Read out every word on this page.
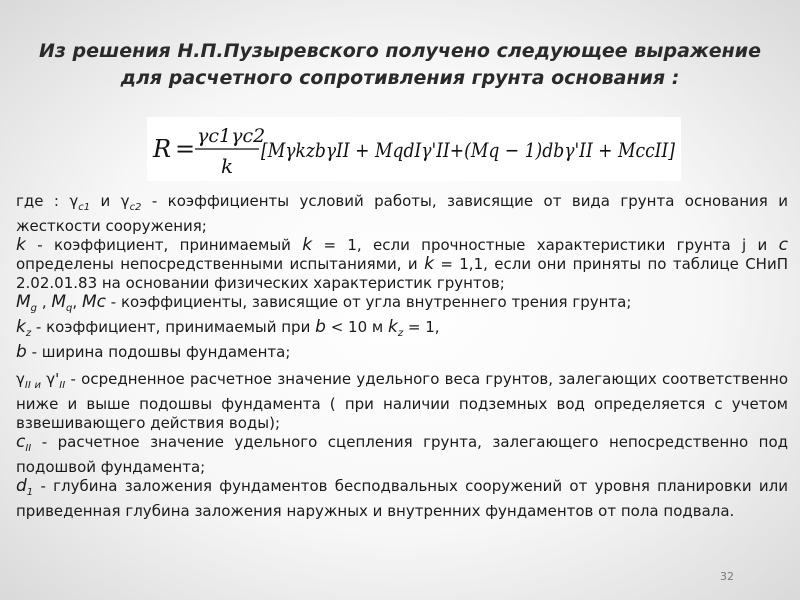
Из решения Н.П.Пузыревского получено следующее выражение
для расчетного сопротивления грунта основания :
R = γc1γc2
k
[MγkzbγII + MqdIγ'II+(Mq − 1)dbγ'II + McсII]

где : $\gamma_{c1}$ и $\gamma_{c2}$ - коэффициенты условий работы, зависящие от вида грунта основания и жесткости сооружения;

k - коэффициент, принимаемый k = 1, если прочностные характеристики грунта j и с определены непосредственными испытаниями, и k = 1,1, если они приняты по таблице СНиП 2.02.01.83 на основании физических характеристик грунтов;

$M_g$ , $M_q$, Мс - коэффициенты, зависящие от угла внутреннего трения грунта;

$k_z$ - коэффициент, принимаемый при b < 10 м $k_z = 1$,

b - ширина подошвы фундамента;

$\gamma_{II и}$ $\gamma'_{II}$ - осредненное расчетное значение удельного веса грунтов, залегающих соответственно ниже и выше подошвы фундамента ( при наличии подземных вод определяется с учетом взвешивающего действия воды);

$с_{II}$ - расчетное значение удельного сцепления грунта, залегающего непосредственно под подошвой фундамента;

$d_1$ - глубина заложения фундаментов бесподвальных сооружений от уровня планировки или приведенная глубина заложения наружных и внутренних фундаментов от пола подвала.

32
